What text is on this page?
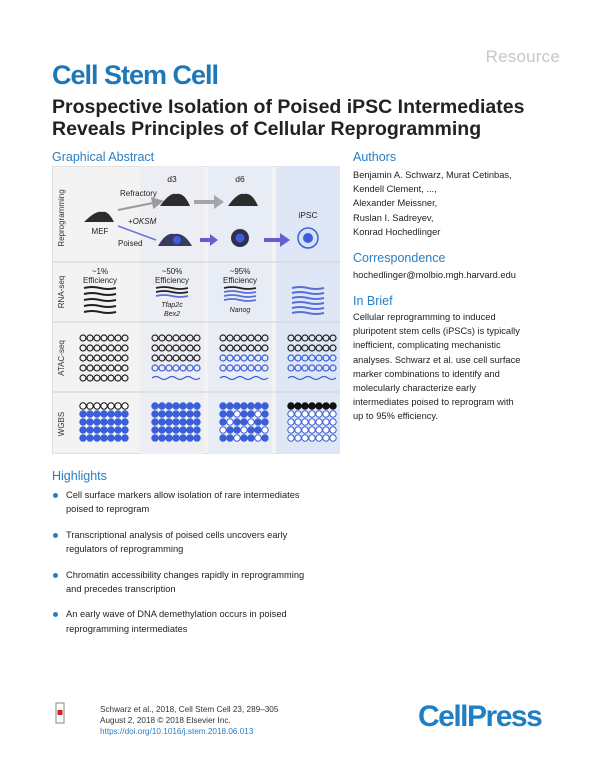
Resource
Cell Stem Cell
Prospective Isolation of Poised iPSC Intermediates Reveals Principles of Cellular Reprogramming
Graphical Abstract
Reprogramming
RNA-seq
ATAC-seq
WGBS
d3	d6
iPSC
MEF
Refractory
+OKSM
Poised
~1%
Efficiency
~50%
Efficiency
~95%
Efficiency
Tfap2c
Bex2
Nanog
Authors
Benjamin A. Schwarz, Murat Cetinbas,
Kendell Clement, ...,
Alexander Meissner,
Ruslan I. Sadreyev,
Konrad Hochedlinger
Correspondence
hochedlinger@molbio.mgh.harvard.edu
In Brief
Cellular reprogramming to induced
pluripotent stem cells (iPSCs) is typically
inefficient, complicating mechanistic
analyses. Schwarz et al. use cell surface
marker combinations to identify and
molecularly characterize early
intermediates poised to reprogram with
up to 95% efficiency.
Highlights
Cell surface markers allow isolation of rare intermediates
poised to reprogram
Transcriptional analysis of poised cells uncovers early
regulators of reprogramming
Chromatin accessibility changes rapidly in reprogramming
and precedes transcription
An early wave of DNA demethylation occurs in poised
reprogramming intermediates
Schwarz et al., 2018, Cell Stem Cell 23, 289–305
August 2, 2018 © 2018 Elsevier Inc.
https://doi.org/10.1016/j.stem.2018.06.013	CellPress
